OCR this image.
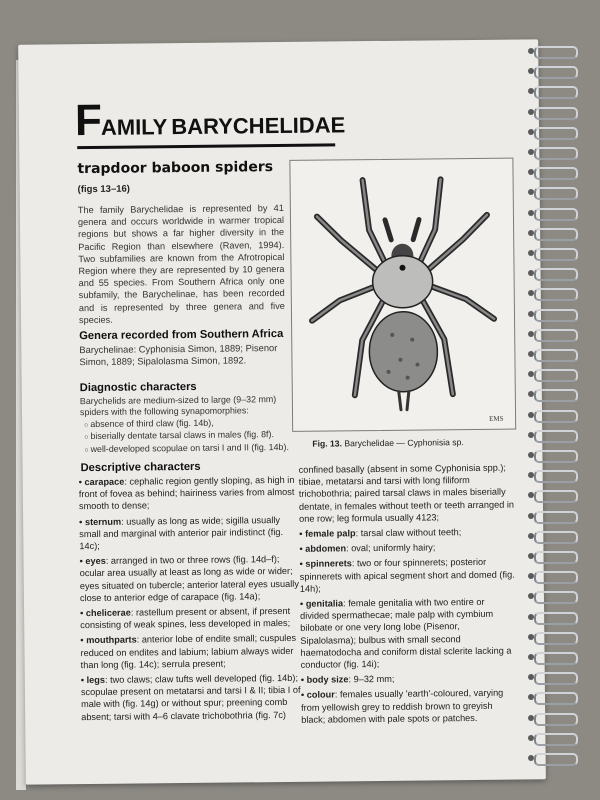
FAMILY BARYCHELIDAE
trapdoor baboon spiders
(figs 13–16)
The family Barychelidae is represented by 41 genera and occurs worldwide in warmer tropical regions but shows a far higher diversity in the Pacific Region than elsewhere (Raven, 1994). Two subfamilies are known from the Afrotropical Region where they are represented by 10 genera and 55 species. From Southern Africa only one subfamily, the Barychelinae, has been recorded and is represented by three genera and five species.
Genera recorded from Southern Africa
Barychelinae: Cyphonisia Simon, 1889; Pisenor Simon, 1889; Sipalolasma Simon, 1892.
Diagnostic characters
Barychelids are medium-sized to large (9–32 mm) spiders with the following synapomorphies:
○ absence of third claw (fig. 14b),
○ biserially dentate tarsal claws in males (fig. 8f).
○ well-developed scopulae on tarsi I and II (fig. 14b).
EMS
Fig. 13. Barychelidae — Cyphonisia sp.
Descriptive characters
• carapace: cephalic region gently sloping, as high in front of fovea as behind; hairiness varies from almost smooth to dense;
• sternum: usually as long as wide; sigilla usually small and marginal with anterior pair indistinct (fig. 14c);
• eyes: arranged in two or three rows (fig. 14d–f); ocular area usually at least as long as wide or wider; eyes situated on tubercle; anterior lateral eyes usually close to anterior edge of carapace (fig. 14a);
• chelicerae: rastellum present or absent, if present consisting of weak spines, less developed in males;
• mouthparts: anterior lobe of endite small; cuspules reduced on endites and labium; labium always wider than long (fig. 14c); serrula present;
• legs: two claws; claw tufts well developed (fig. 14b); scopulae present on metatarsi and tarsi I & II; tibia I of male with (fig. 14g) or without spur; preening comb absent; tarsi with 4–6 clavate trichobothria (fig. 7c)
confined basally (absent in some Cyphonisia spp.); tibiae, metatarsi and tarsi with long filiform trichobothria; paired tarsal claws in males biserially dentate, in females without teeth or teeth arranged in one row; leg formula usually 4123;
• female palp: tarsal claw without teeth;
• abdomen: oval; uniformly hairy;
• spinnerets: two or four spinnerets; posterior spinnerets with apical segment short and domed (fig. 14h);
• genitalia: female genitalia with two entire or divided spermathecae; male palp with cymbium bilobate or one very long lobe (Pisenor, Sipalolasma); bulbus with small second haematodocha and coniform distal sclerite lacking a conductor (fig. 14i);
• body size: 9–32 mm;
• colour: females usually 'earth'-coloured, varying from yellowish grey to reddish brown to greyish black; abdomen with pale spots or patches.
